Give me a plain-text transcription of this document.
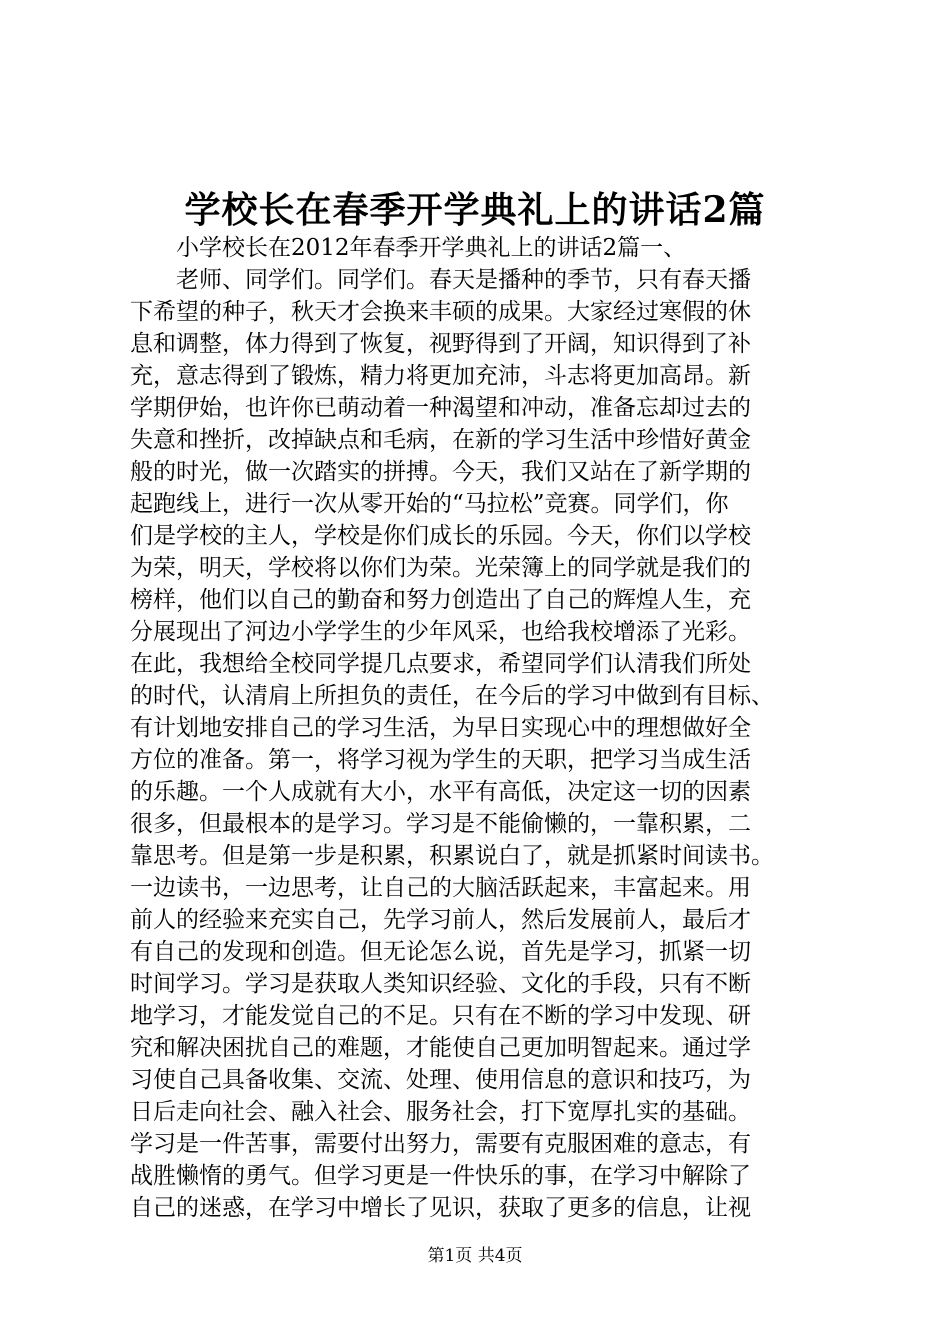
学校长在春季开学典礼上的讲话2篇
小学校长在2012年春季开学典礼上的讲话2篇一、
老师、同学们。同学们。春天是播种的季节，只有春天播
下希望的种子，秋天才会换来丰硕的成果。大家经过寒假的休
息和调整，体力得到了恢复，视野得到了开阔，知识得到了补
充，意志得到了锻炼，精力将更加充沛，斗志将更加高昂。新
学期伊始，也许你已萌动着一种渴望和冲动，准备忘却过去的
失意和挫折，改掉缺点和毛病，在新的学习生活中珍惜好黄金
般的时光，做一次踏实的拼搏。今天，我们又站在了新学期的
起跑线上，进行一次从零开始的“马拉松”竞赛。同学们，你
们是学校的主人，学校是你们成长的乐园。今天，你们以学校
为荣，明天，学校将以你们为荣。光荣簿上的同学就是我们的
榜样，他们以自己的勤奋和努力创造出了自己的辉煌人生，充
分展现出了河边小学学生的少年风采，也给我校增添了光彩。
在此，我想给全校同学提几点要求，希望同学们认清我们所处
的时代，认清肩上所担负的责任，在今后的学习中做到有目标、
有计划地安排自己的学习生活，为早日实现心中的理想做好全
方位的准备。第一，将学习视为学生的天职，把学习当成生活
的乐趣。一个人成就有大小，水平有高低，决定这一切的因素
很多，但最根本的是学习。学习是不能偷懒的，一靠积累，二
靠思考。但是第一步是积累，积累说白了，就是抓紧时间读书。
一边读书，一边思考，让自己的大脑活跃起来，丰富起来。用
前人的经验来充实自己，先学习前人，然后发展前人，最后才
有自己的发现和创造。但无论怎么说，首先是学习，抓紧一切
时间学习。学习是获取人类知识经验、文化的手段，只有不断
地学习，才能发觉自己的不足。只有在不断的学习中发现、研
究和解决困扰自己的难题，才能使自己更加明智起来。通过学
习使自己具备收集、交流、处理、使用信息的意识和技巧，为
日后走向社会、融入社会、服务社会，打下宽厚扎实的基础。
学习是一件苦事，需要付出努力，需要有克服困难的意志，有
战胜懒惰的勇气。但学习更是一件快乐的事，在学习中解除了
自己的迷惑，在学习中增长了见识，获取了更多的信息，让视
第1页 共4页
